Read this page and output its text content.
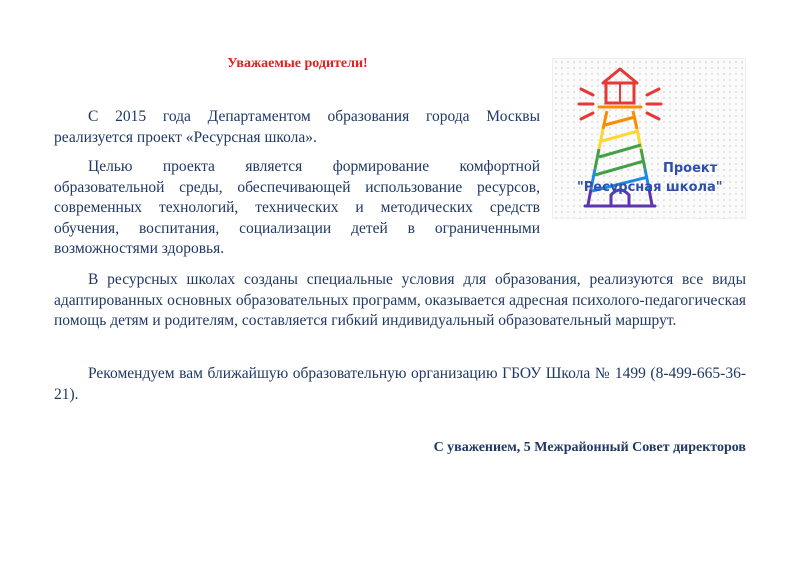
Уважаемые родители!

С 2015 года Департаментом образования города Москвы реализуется проект «Ресурсная школа».

Целью проекта является формирование комфортной образовательной среды, обеспечивающей использование ресурсов, современных технологий, технических и методических средств обучения, воспитания, социализации детей в ограниченными возможностями здоровья.

В ресурсных школах созданы специальные условия для образования, реализуются все виды адаптированных основных образовательных программ, оказывается адресная психолого-педагогическая помощь детям и родителям, составляется гибкий индивидуальный образовательный маршрут.

Рекомендуем вам ближайшую образовательную организацию ГБОУ Школа № 1499 (8-499-665-36-21).

С уважением, 5 Межрайонный Совет директоров
Проект
"Ресурсная школа"
